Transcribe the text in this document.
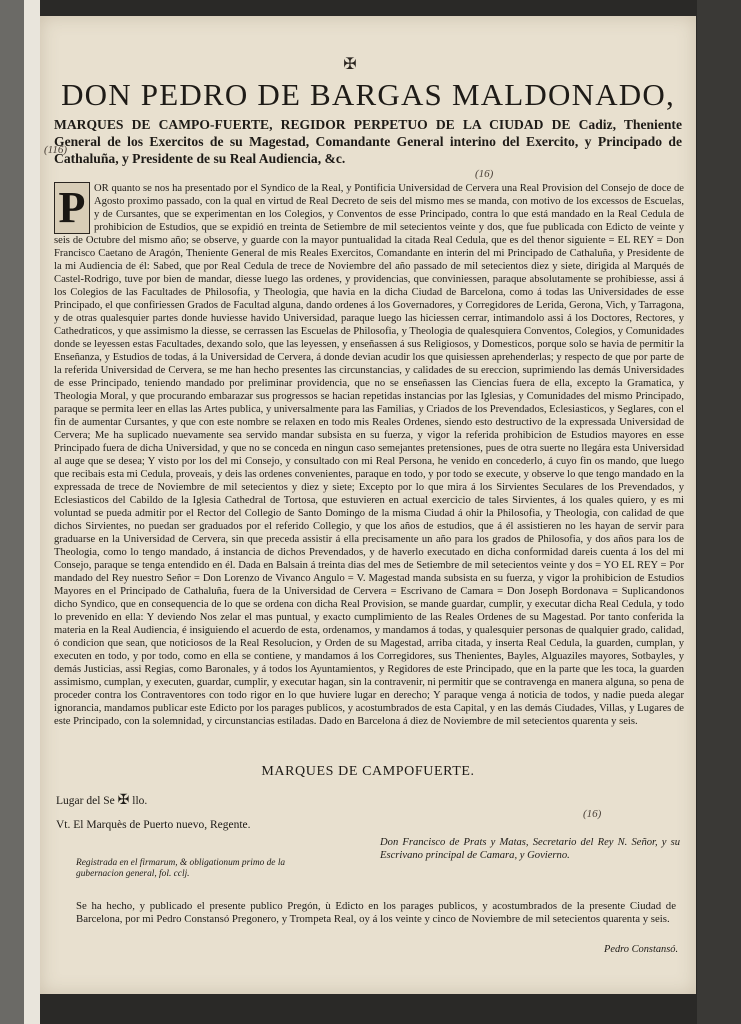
✠
DON PEDRO DE BARGAS MALDONADO,
MARQUES DE CAMPO-FUERTE, REGIDOR PERPETUO DE LA CIUDAD DE Cadiz, Theniente General de los Exercitos de su Magestad, Comandante General interino del Exercito, y Principado de Cathaluña, y Presidente de su Real Audiencia, &c.
(116)
(16)
(16)
OR quanto se nos ha presentado por el Syndico de la Real, y Pontificia Universidad de Cervera una Real Provision del Consejo de doce de Agosto proximo passado, con la qual en virtud de Real Decreto de seis del mismo mes se manda, con motivo de los excessos de Escuelas, y de Cursantes, que se experimentan en los Colegios, y Conventos de esse Principado, contra lo que está mandado en la Real Cedula de prohibicion de Estudios, que se expidió en treinta de Setiembre de mil setecientos veinte y dos, que fue publicada con Edicto de veinte y seis de Octubre del mismo año; se observe, y guarde con la mayor puntualidad la citada Real Cedula, que es del thenor siguiente = EL REY = Don Francisco Caetano de Aragón, Theniente General de mis Reales Exercitos, Comandante en interin del mi Principado de Cathaluña, y Presidente de la mi Audiencia de él: Sabed, que por Real Cedula de trece de Noviembre del año passado de mil setecientos diez y siete, dirigida al Marqués de Castel-Rodrigo, tuve por bien de mandar, diesse luego las ordenes, y providencias, que conviniessen, paraque absolutamente se prohibiesse, assi á los Colegios de las Facultades de Philosofia, y Theologia, que havia en la dicha Ciudad de Barcelona, como á todas las Universidades de esse Principado, el que confiriessen Grados de Facultad alguna, dando ordenes á los Governadores, y Corregidores de Lerida, Gerona, Vich, y Tarragona, y de otras qualesquier partes donde huviesse havido Universidad, paraque luego las hiciessen cerrar, intimandolo assi á los Doctores, Rectores, y Cathedraticos, y que assimismo la diesse, se cerrassen las Escuelas de Philosofia, y Theologia de qualesquiera Conventos, Colegios, y Comunidades donde se leyessen estas Facultades, dexando solo, que las leyessen, y enseñassen á sus Religiosos, y Domesticos, porque solo se havia de permitir la Enseñanza, y Estudios de todas, á la Universidad de Cervera, á donde devian acudir los que quisiessen aprehenderlas; y respecto de que por parte de la referida Universidad de Cervera, se me han hecho presentes las circunstancias, y calidades de su ereccion, suprimiendo las demás Universidades de esse Principado, teniendo mandado por preliminar providencia, que no se enseñassen las Ciencias fuera de ella, excepto la Gramatica, y Theologia Moral, y que procurando embarazar sus progressos se hacian repetidas instancias por las Iglesias, y Comunidades del mismo Principado, paraque se permita leer en ellas las Artes publica, y universalmente para las Familias, y Criados de los Prevendados, Eclesiasticos, y Seglares, con el fin de aumentar Cursantes, y que con este nombre se relaxen en todo mis Reales Ordenes, siendo esto destructivo de la expressada Universidad de Cervera; Me ha suplicado nuevamente sea servido mandar subsista en su fuerza, y vigor la referida prohibicion de Estudios mayores en esse Principado fuera de dicha Universidad, y que no se conceda en ningun caso semejantes pretensiones, pues de otra suerte no llegára esta Universidad al auge que se desea; Y visto por los del mi Consejo, y consultado con mi Real Persona, he venido en concederlo, á cuyo fin os mando, que luego que recibais esta mi Cedula, proveais, y deis las ordenes convenientes, paraque en todo, y por todo se execute, y observe lo que tengo mandado en la expressada de trece de Noviembre de mil setecientos y diez y siete; Excepto por lo que mira á los Sirvientes Seculares de los Prevendados, y Eclesiasticos del Cabildo de la Iglesia Cathedral de Tortosa, que estuvieren en actual exercicio de tales Sirvientes, á los quales quiero, y es mi voluntad se pueda admitir por el Rector del Collegio de Santo Domingo de la misma Ciudad á ohir la Philosofia, y Theologia, con calidad de que dichos Sirvientes, no puedan ser graduados por el referido Collegio, y que los años de estudios, que á él assistieren no les hayan de servir para graduarse en la Universidad de Cervera, sin que preceda assistir á ella precisamente un año para los grados de Philosofia, y dos años para los de Theologia, como lo tengo mandado, á instancia de dichos Prevendados, y de haverlo executado en dicha conformidad dareis cuenta á los del mi Consejo, paraque se tenga entendido en él. Dada en Balsain á treinta dias del mes de Setiembre de mil setecientos veinte y dos = YO EL REY = Por mandado del Rey nuestro Señor = Don Lorenzo de Vivanco Angulo = V. Magestad manda subsista en su fuerza, y vigor la prohibicion de Estudios Mayores en el Principado de Cathaluña, fuera de la Universidad de Cervera = Escrivano de Camara = Don Joseph Bordonava = Suplicandonos dicho Syndico, que en consequencia de lo que se ordena con dicha Real Provision, se mande guardar, cumplir, y executar dicha Real Cedula, y todo lo prevenido en ella: Y deviendo Nos zelar el mas puntual, y exacto cumplimiento de las Reales Ordenes de su Magestad. Por tanto conferida la materia en la Real Audiencia, é insiguiendo el acuerdo de esta, ordenamos, y mandamos á todas, y qualesquier personas de qualquier grado, calidad, ó condicion que sean, que noticiosos de la Real Resolucion, y Orden de su Magestad, arriba citada, y inserta Real Cedula, la guarden, cumplan, y executen en todo, y por todo, como en ella se contiene, y mandamos á los Corregidores, sus Thenientes, Bayles, Alguaziles mayores, Sotbayles, y demás Justicias, assi Regias, como Baronales, y á todos los Ayuntamientos, y Regidores de este Principado, que en la parte que les toca, la guarden assimismo, cumplan, y executen, guardar, cumplir, y executar hagan, sin la contravenir, ni permitir que se contravenga en manera alguna, so pena de proceder contra los Contraventores con todo rigor en lo que huviere lugar en derecho; Y paraque venga á noticia de todos, y nadie pueda alegar ignorancia, mandamos publicar este Edicto por los parages publicos, y acostumbrados de esta Capital, y en las demás Ciudades, Villas, y Lugares de este Principado, con la solemnidad, y circunstancias estiladas. Dado en Barcelona á diez de Noviembre de mil setecientos quarenta y seis.
P
MARQUES DE CAMPOFUERTE.
Lugar del Se ✠ llo.
Vt. El Marquès de Puerto nuevo, Regente.
Don Francisco de Prats y Matas, Secretario del Rey N. Señor, y su Escrivano principal de Camara, y Govierno.
Registrada en el firmarum, & obligationum primo de la gubernacion general, fol. cclj.
Se ha hecho, y publicado el presente publico Pregón, ù Edicto en los parages publicos, y acostumbrados de la presente Ciudad de Barcelona, por mi Pedro Constansó Pregonero, y Trompeta Real, oy á los veinte y cinco de Noviembre de mil setecientos quarenta y seis.
Pedro Constansó.
